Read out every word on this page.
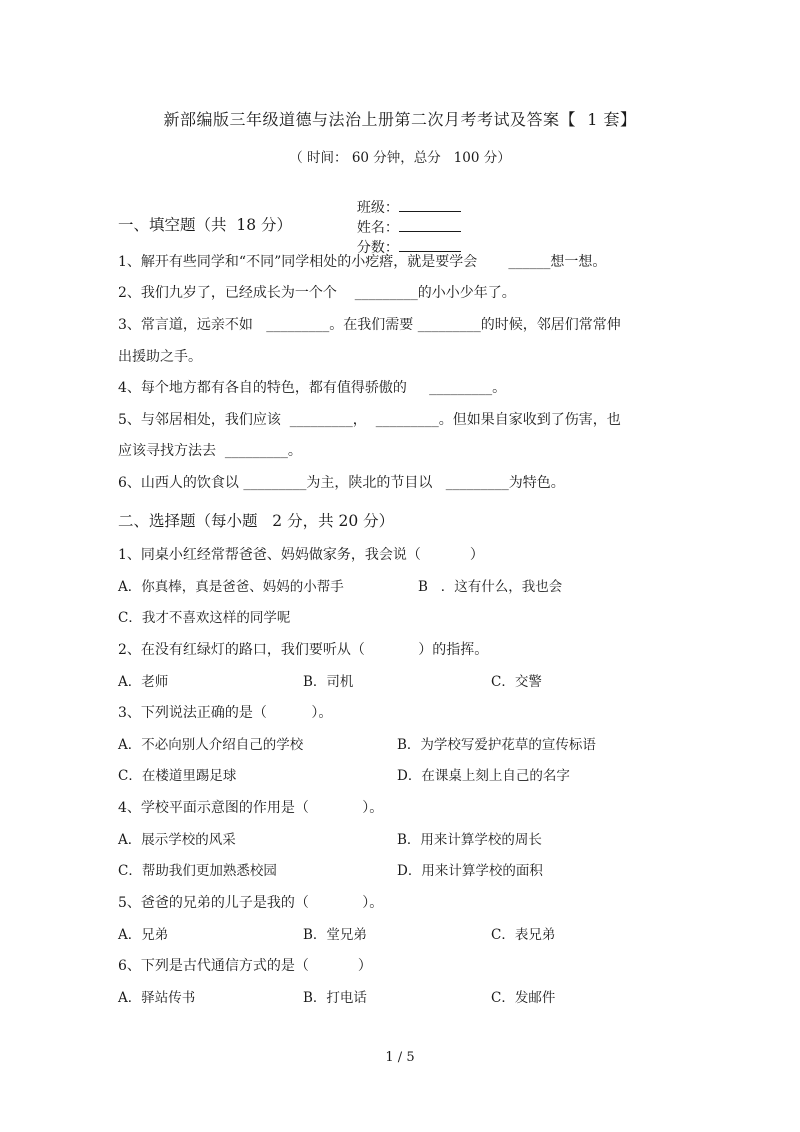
新部编版三年级道德与法治上册第二次月考考试及答案【  1 套】
（ 时间： 60 分钟，总分   100 分）

班级：
姓名：
分数：

一、填空题（共  18 分）
1、解开有些同学和“不同”同学相处的小疙瘩，就是要学会       ______想一想。
2、我们九岁了，已经成长为一个个    _________的小小少年了。
3、常言道，远亲不如   _________。在我们需要 _________的时候，邻居们常常伸
出援助之手。
4、每个地方都有各自的特色，都有值得骄傲的     _________。
5、与邻居相处，我们应该  _________，  _________。但如果自家收到了伤害，也
应该寻找方法去  _________。
6、山西人的饮食以 _________为主，陕北的节目以   _________为特色。
二、选择题（每小题   2 分，共 20 分）
1、同桌小红经常帮爸爸、妈妈做家务，我会说（           ）
A．你真棒，真是爸爸、妈妈的小帮手	B   ．这有什么，我也会
C．我才不喜欢这样的同学呢
2、在没有红绿灯的路口，我们要听从（            ）的指挥。
A．老师	B．司机	C．交警
3、下列说法正确的是（          ）。
A．不必向别人介绍自己的学校	B．为学校写爱护花草的宣传标语
C．在楼道里踢足球	D．在课桌上刻上自己的名字
4、学校平面示意图的作用是（            ）。
A．展示学校的风采	B．用来计算学校的周长
C．帮助我们更加熟悉校园	D．用来计算学校的面积
5、爸爸的兄弟的儿子是我的（            ）。
A．兄弟	B．堂兄弟	C．表兄弟
6、下列是古代通信方式的是（           ）
A．驿站传书	B．打电话	C．发邮件
1 / 5
